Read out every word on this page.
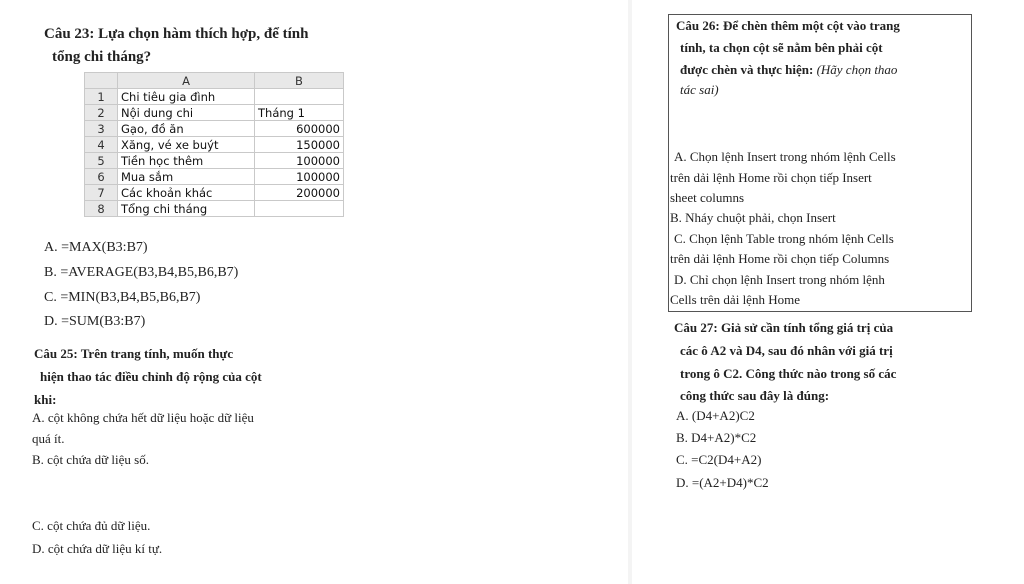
Câu 23: Lựa chọn hàm thích hợp, để tính
tổng chi tháng?
	A	B
1	Chi tiêu gia đình	
2	Nội dung chi	Tháng 1
3	Gạo, đồ ăn	600000
4	Xăng, vé xe buýt	150000
5	Tiền học thêm	100000
6	Mua sắm	100000
7	Các khoản khác	200000
8	Tổng chi tháng	
A. =MAX(B3:B7)
B. =AVERAGE(B3,B4,B5,B6,B7)
C. =MIN(B3,B4,B5,B6,B7)
D. =SUM(B3:B7)
Câu 25: Trên trang tính, muốn thực
hiện thao tác điều chỉnh độ rộng của cột
khi:
A. cột không chứa hết dữ liệu hoặc dữ liệu
quá ít.
B. cột chứa dữ liệu số.
C. cột chứa đủ dữ liệu.
D. cột chứa dữ liệu kí tự.
Câu 26: Để chèn thêm một cột vào trang
tính, ta chọn cột sẽ nằm bên phải cột
được chèn và thực hiện: (Hãy chọn thao
tác sai)
A. Chọn lệnh Insert trong nhóm lệnh Cells
trên dải lệnh Home rồi chọn tiếp Insert
sheet columns
B. Nháy chuột phải, chọn Insert
C. Chọn lệnh Table trong nhóm lệnh Cells
trên dải lệnh Home rồi chọn tiếp Columns
D. Chỉ chọn lệnh Insert trong nhóm lệnh
Cells trên dải lệnh Home
Câu 27: Giả sử cần tính tổng giá trị của
các ô A2 và D4, sau đó nhân với giá trị
trong ô C2. Công thức nào trong số các
công thức sau đây là đúng:
A. (D4+A2)C2
B. D4+A2)*C2
C. =C2(D4+A2)
D. =(A2+D4)*C2
